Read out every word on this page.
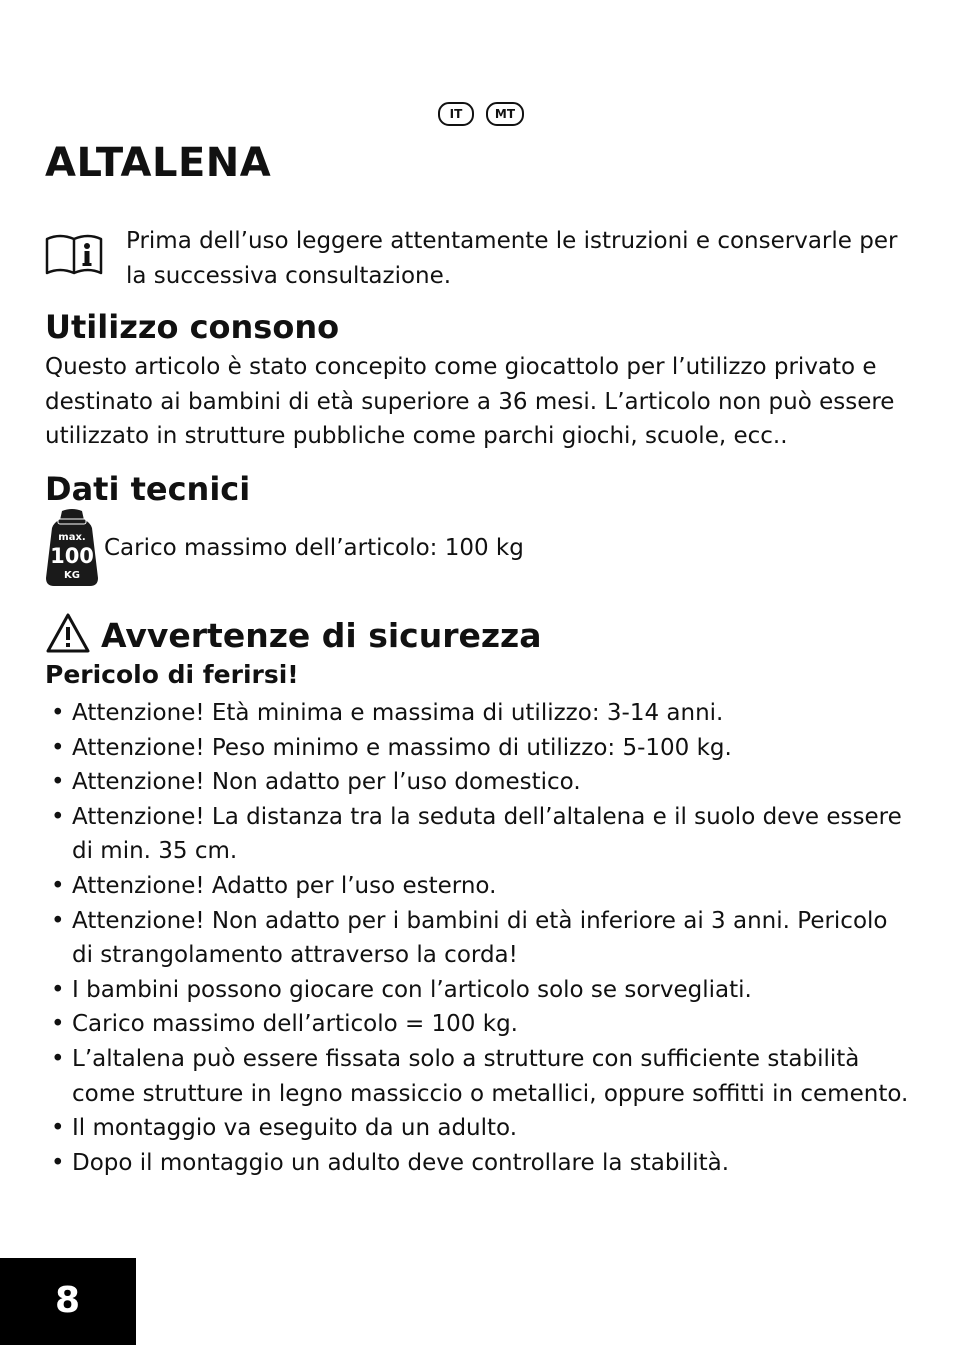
IT	MT
ALTALENA

Prima dell’uso leggere attentamente le istruzioni e conservarle per la successiva consultazione.

Utilizzo consono

Questo articolo è stato concepito come giocattolo per l’utilizzo privato e destinato ai bambini di età superiore a 36 mesi. L’articolo non può essere utilizzato in strutture pubbliche come parchi giochi, scuole, ecc..

Dati tecnici
max.
100
KG
Carico massimo dell’articolo: 100 kg
Avvertenze di sicurezza
Pericolo di ferirsi!
• Attenzione! Età minima e massima di utilizzo: 3-14 anni.
• Attenzione! Peso minimo e massimo di utilizzo: 5-100 kg.
• Attenzione! Non adatto per l’uso domestico.
• Attenzione! La distanza tra la seduta dell’altalena e il suolo deve essere di min. 35 cm.
• Attenzione! Adatto per l’uso esterno.
• Attenzione! Non adatto per i bambini di età inferiore ai 3 anni. Pericolo di strangolamento attraverso la corda!
• I bambini possono giocare con l’articolo solo se sorvegliati.
• Carico massimo dell’articolo = 100 kg.
• L’altalena può essere fissata solo a strutture con sufficiente stabilità come strutture in legno massiccio o metallici, oppure soffitti in cemento.
• Il montaggio va eseguito da un adulto.
• Dopo il montaggio un adulto deve controllare la stabilità.
8
